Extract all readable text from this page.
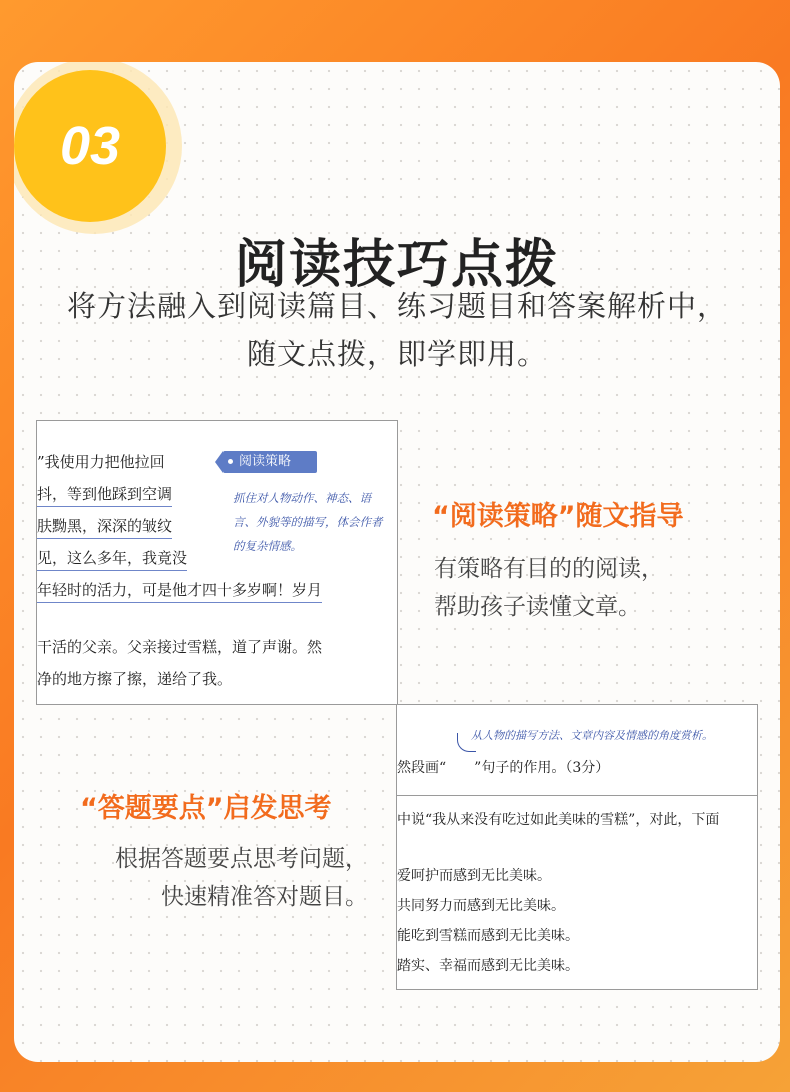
03
阅读技巧点拨
将方法融入到阅读篇目、练习题目和答案解析中，
随文点拨，即学即用。
”我使用力把他拉回
抖，等到他踩到空调
肤黝黑，深深的皱纹
见，这么多年，我竟没
年轻时的活力，可是他才四十多岁啊！岁月
干活的父亲。父亲接过雪糕，道了声谢。然
净的地方擦了擦，递给了我。
阅读策略
抓住对人物动作、神态、语言、外貌等的描写，体会作者的复杂情感。
“阅读策略”随文指导
有策略有目的的阅读，
帮助孩子读懂文章。
“答题要点”启发思考
根据答题要点思考问题，
快速精准答对题目。
从人物的描写方法、文章内容及情感的角度赏析。
然段画“　　”句子的作用。（3分）
中说“我从来没有吃过如此美味的雪糕”，对此，下面
爱呵护而感到无比美味。
共同努力而感到无比美味。
能吃到雪糕而感到无比美味。
踏实、幸福而感到无比美味。
